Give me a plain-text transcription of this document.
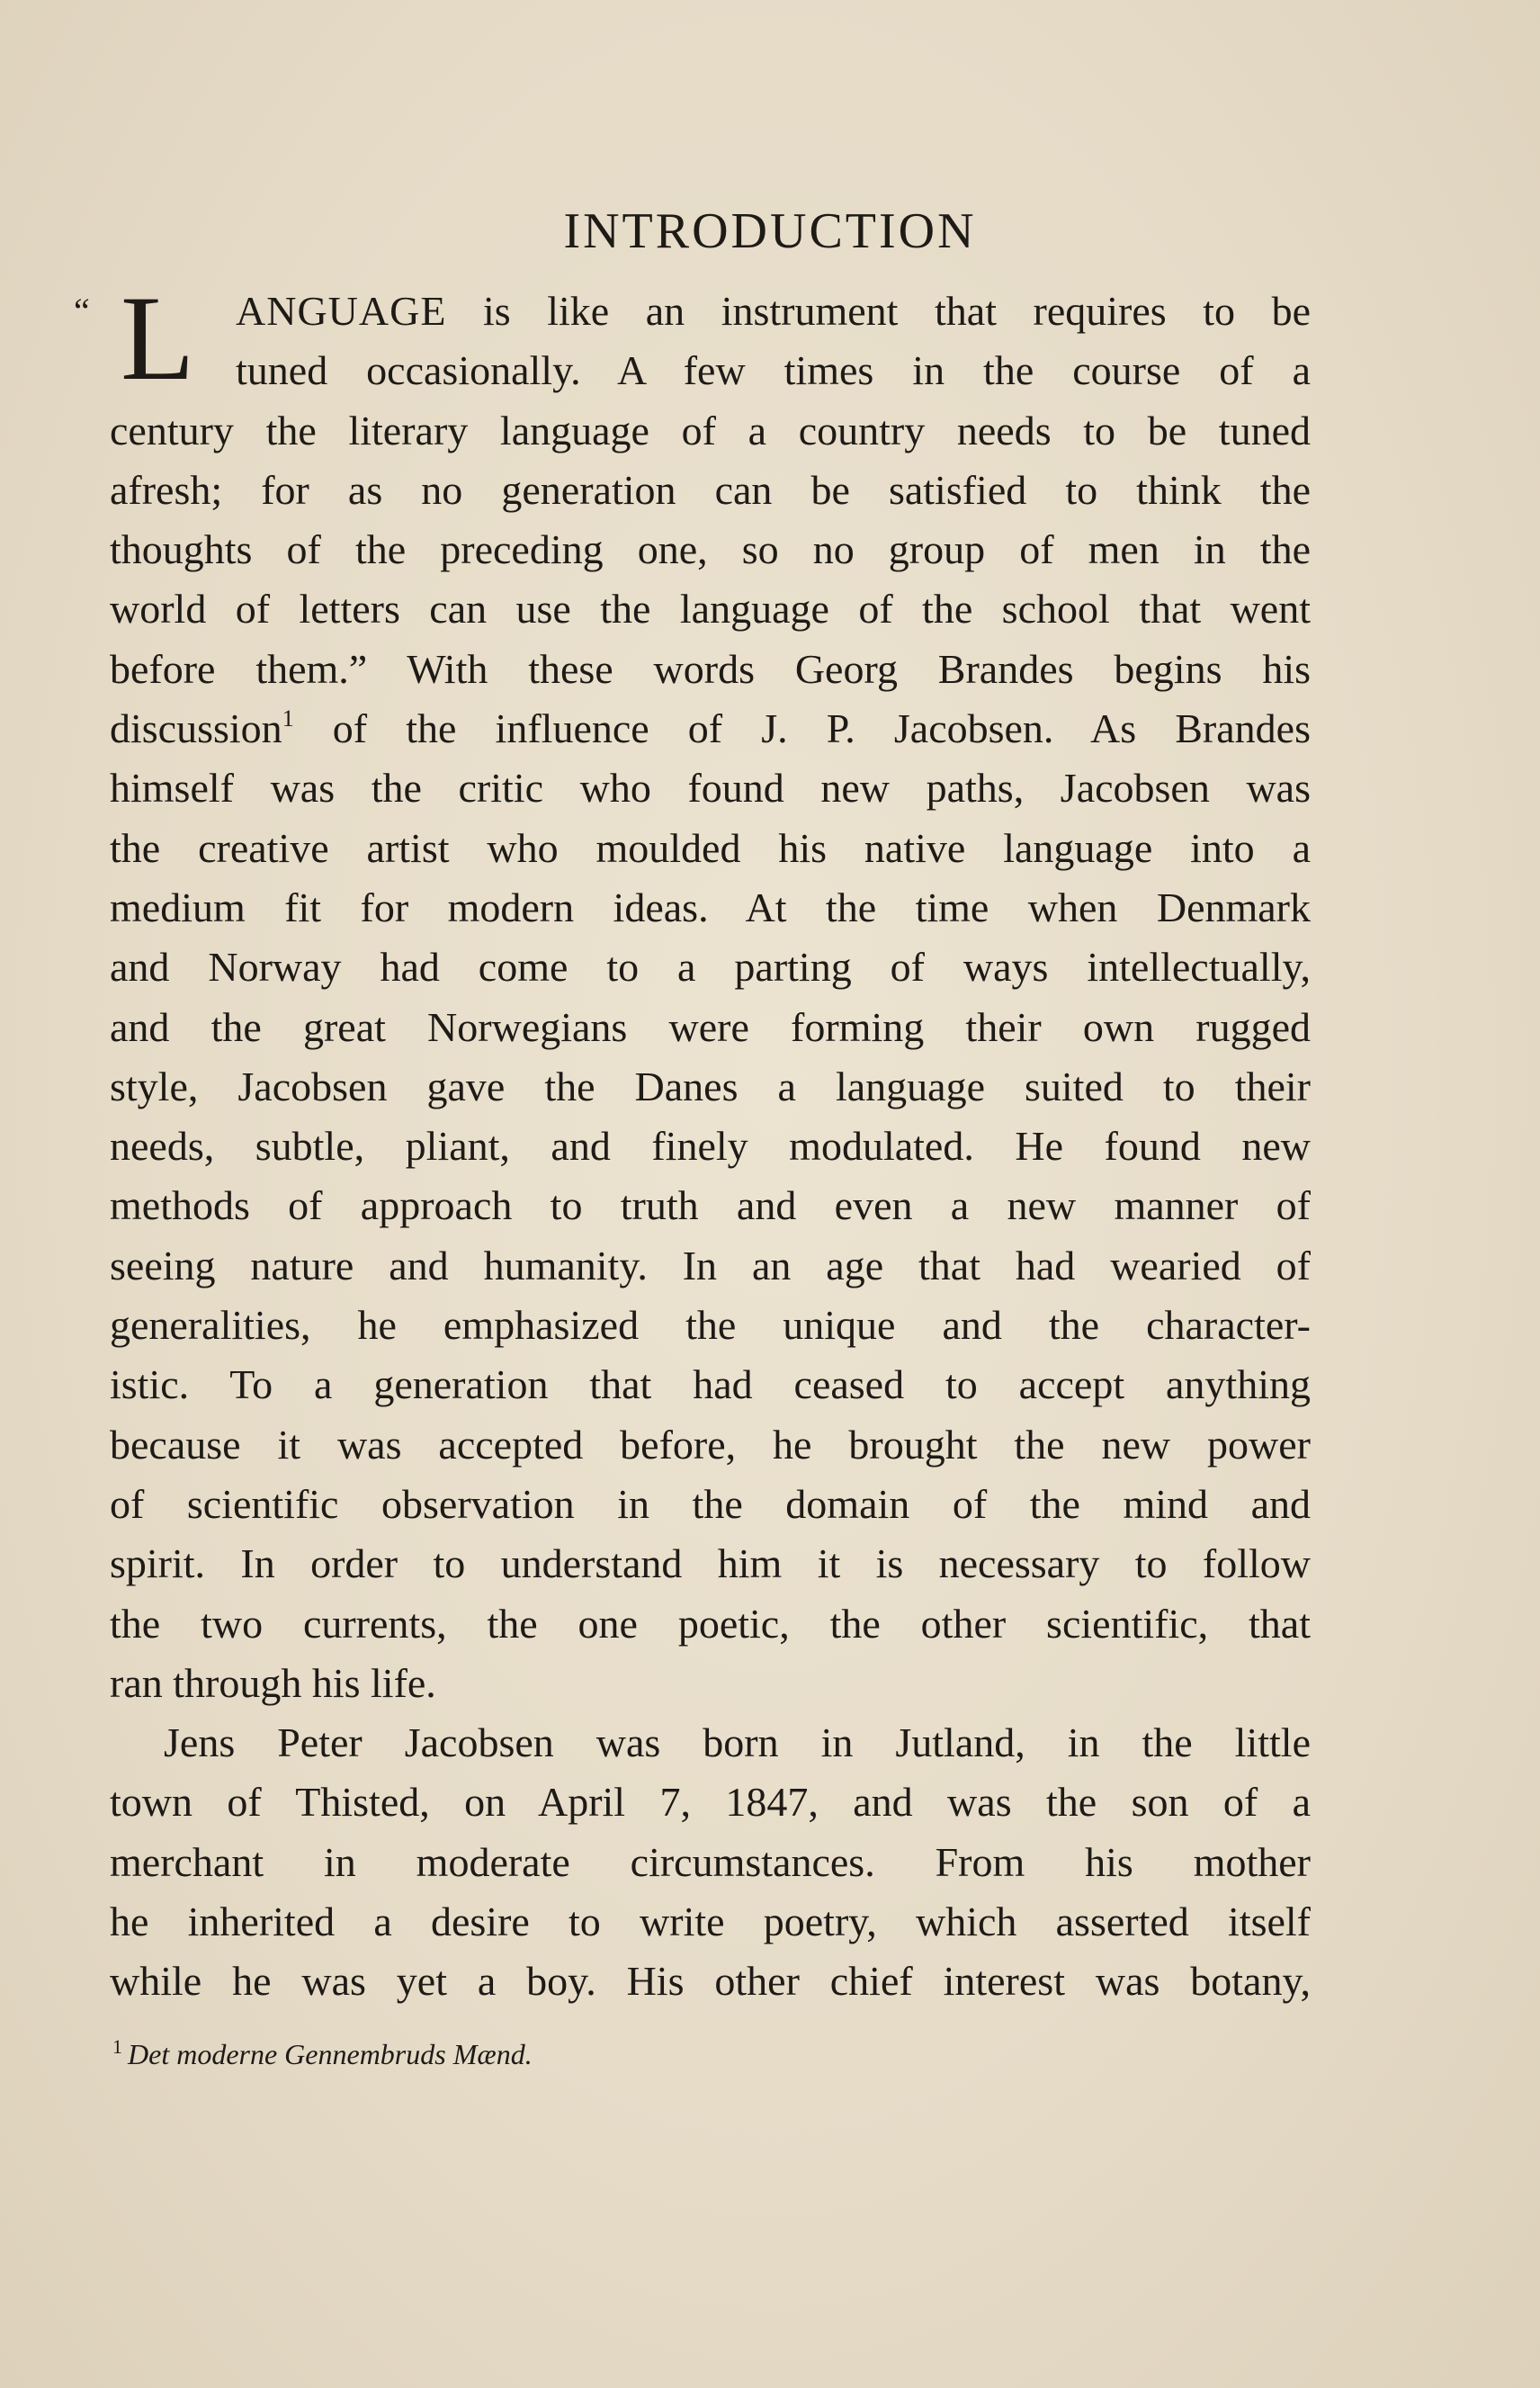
INTRODUCTION
“ L ANGUAGE is like an instrument that requires to be
tuned occasionally. A few times in the course of a
century the literary language of a country needs to be tuned
afresh; for as no generation can be satisfied to think the
thoughts of the preceding one, so no group of men in the
world of letters can use the language of the school that went
before them.” With these words Georg Brandes begins his
discussion$^1$ of the influence of J. P. Jacobsen. As Brandes
himself was the critic who found new paths, Jacobsen was
the creative artist who moulded his native language into a
medium fit for modern ideas. At the time when Denmark
and Norway had come to a parting of ways intellectually,
and the great Norwegians were forming their own rugged
style, Jacobsen gave the Danes a language suited to their
needs, subtle, pliant, and finely modulated. He found new
methods of approach to truth and even a new manner of
seeing nature and humanity. In an age that had wearied of
generalities, he emphasized the unique and the character-
istic. To a generation that had ceased to accept anything
because it was accepted before, he brought the new power
of scientific observation in the domain of the mind and
spirit. In order to understand him it is necessary to follow
the two currents, the one poetic, the other scientific, that
ran through his life.
Jens Peter Jacobsen was born in Jutland, in the little
town of Thisted, on April 7, 1847, and was the son of a
merchant in moderate circumstances. From his mother
he inherited a desire to write poetry, which asserted itself
while he was yet a boy. His other chief interest was botany,
$^1$ Det moderne Gennembruds Mænd.
